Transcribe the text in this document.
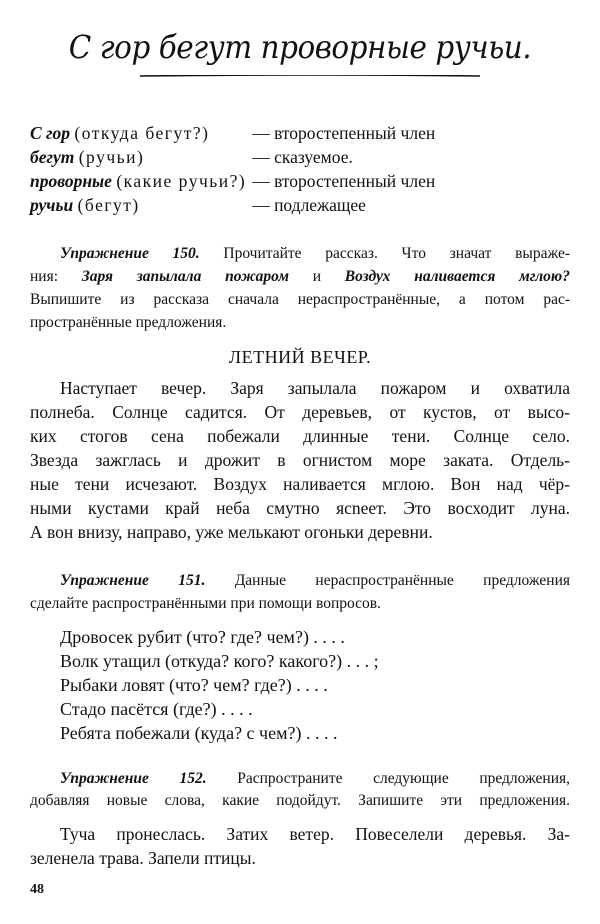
С гор бегут проворные ручьи.
С гор (откуда бегут?)	— второстепенный член
бегут (ручьи)	— сказуемое.
проворные (какие ручьи?) — второстепенный член
ручьи (бегут)	— подлежащее
Упражнение 150. Прочитайте рассказ. Что значат выраже-
ния: Заря запылала пожаром и Воздух наливается мглою?
Выпишите из рассказа сначала нераспространённые, а потом рас-
пространённые предложения.
ЛЕТНИЙ ВЕЧЕР.
Наступает вечер. Заря запылала пожаром и охватила
полнеба. Солнце садится. От деревьев, от кустов, от высо-
ких стогов сена побежали длинные тени. Солнце село.
Звезда зажглась и дрожит в огнистом море заката. Отдель-
ные тени исчезают. Воздух наливается мглою. Вон над чёр-
ными кустами край неба смутно ясneет. Это восходит луна.
А вон внизу, направо, уже мелькают огоньки деревни.
Упражнение 151. Данные нераспространённые предложения
сделайте распространёнными при помощи вопросов.
Дровосек рубит (что? где? чем?) . . . .
Волк утащил (откуда? кого? какого?) . . . ;
Рыбаки ловят (что? чем? где?) . . . .
Стадо пасётся (где?) . . . .
Ребята побежали (куда? с чем?) . . . .
Упражнение 152. Распространите следующие предложения,
добавляя новые слова, какие подойдут. Запишите эти предложения.
Туча пронеслась. Затих ветер. Повеселели деревья. За-
зеленела трава. Запели птицы.
48
